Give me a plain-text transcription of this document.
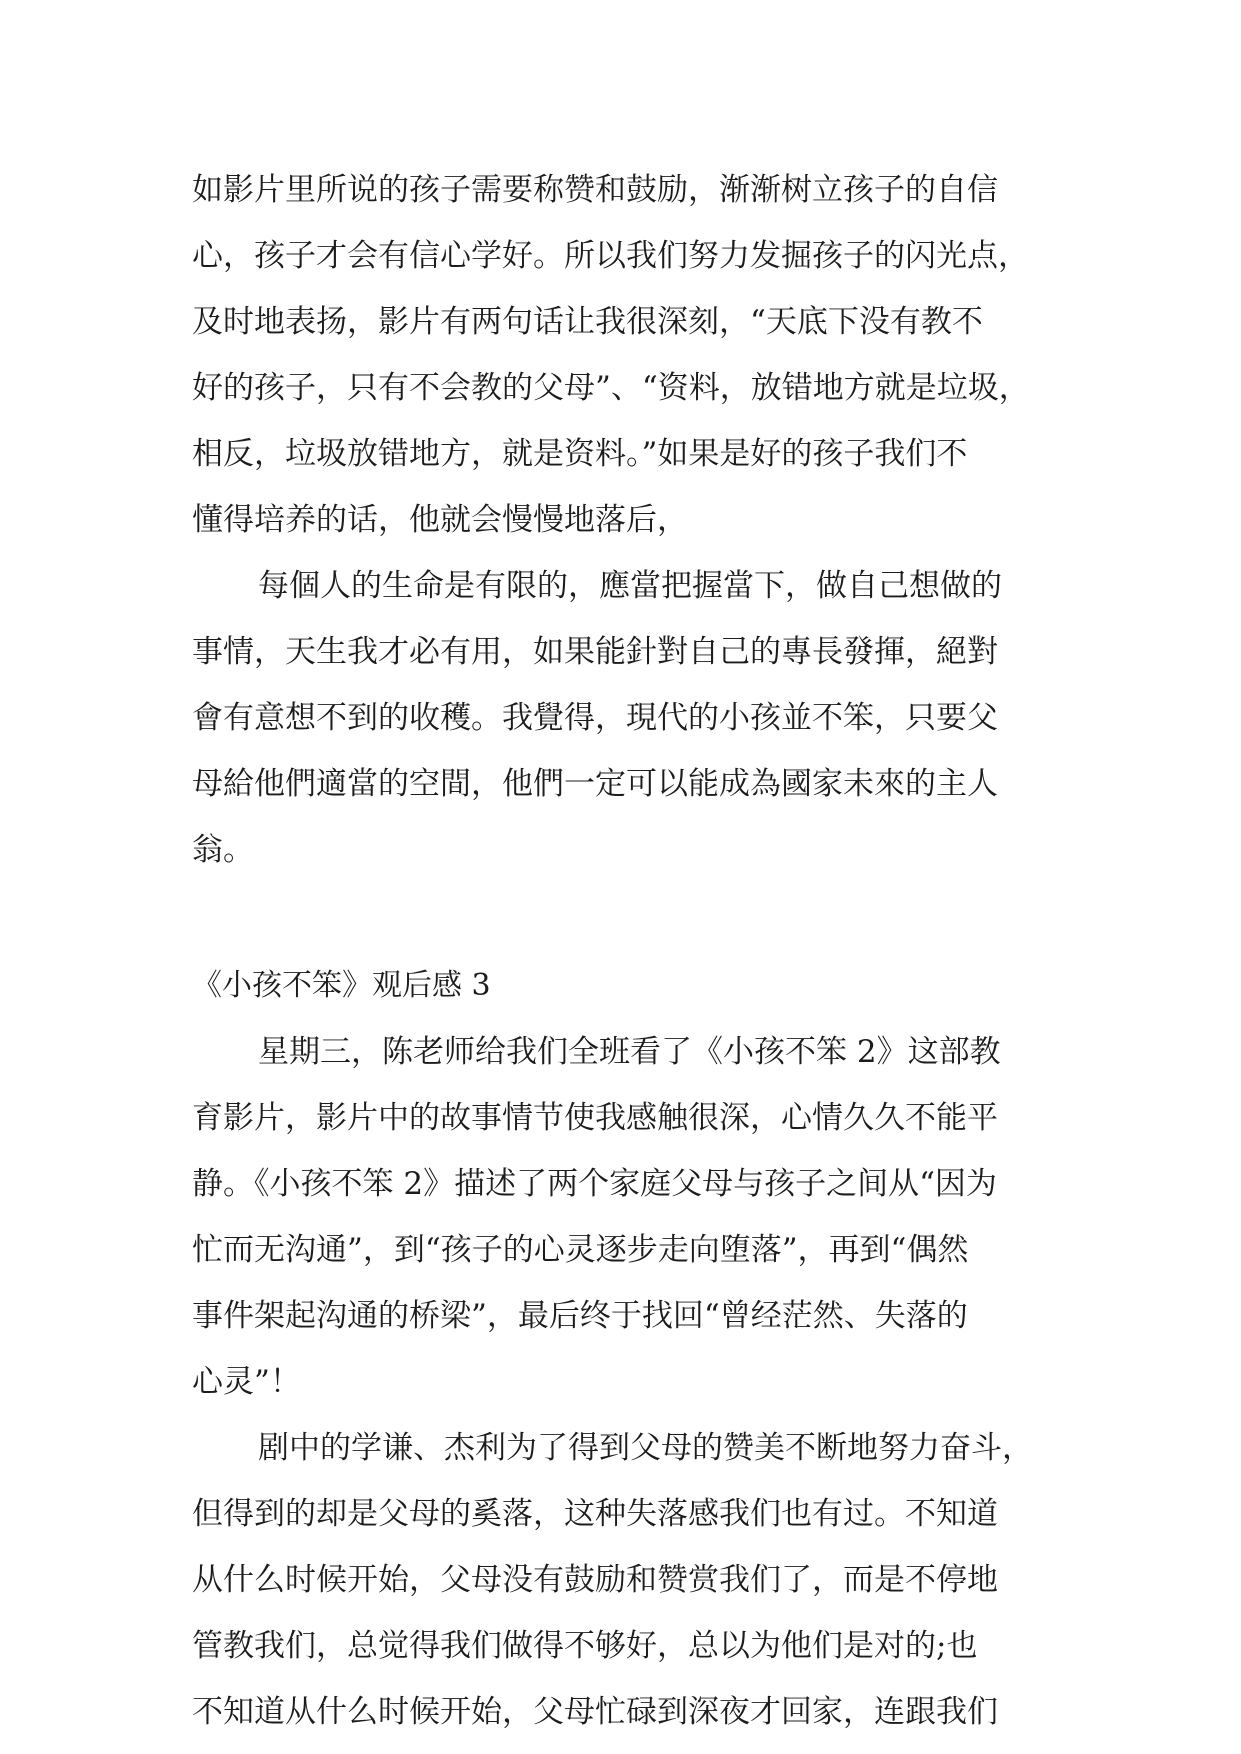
如影片里所说的孩子需要称赞和鼓励，渐渐树立孩子的自信
心，孩子才会有信心学好。所以我们努力发掘孩子的闪光点，
及时地表扬，影片有两句话让我很深刻，“天底下没有教不
好的孩子，只有不会教的父母”、“资料，放错地方就是垃圾，
相反，垃圾放错地方，就是资料。”如果是好的孩子我们不
懂得培养的话，他就会慢慢地落后，
每個人的生命是有限的，應當把握當下，做自己想做的
事情，天生我才必有用，如果能針對自己的專長發揮，絕對
會有意想不到的收穫。我覺得，現代的小孩並不笨，只要父
母給他們適當的空間，他們一定可以能成為國家未來的主人
翁。
《小孩不笨》观后感 3
星期三，陈老师给我们全班看了《小孩不笨 2》这部教
育影片，影片中的故事情节使我感触很深，心情久久不能平
静。《小孩不笨 2》描述了两个家庭父母与孩子之间从“因为
忙而无沟通”，到“孩子的心灵逐步走向堕落”，再到“偶然
事件架起沟通的桥梁”，最后终于找回“曾经茫然、失落的
心灵”！
剧中的学谦、杰利为了得到父母的赞美不断地努力奋斗，
但得到的却是父母的奚落，这种失落感我们也有过。不知道
从什么时候开始，父母没有鼓励和赞赏我们了，而是不停地
管教我们，总觉得我们做得不够好，总以为他们是对的;也
不知道从什么时候开始，父母忙碌到深夜才回家，连跟我们
